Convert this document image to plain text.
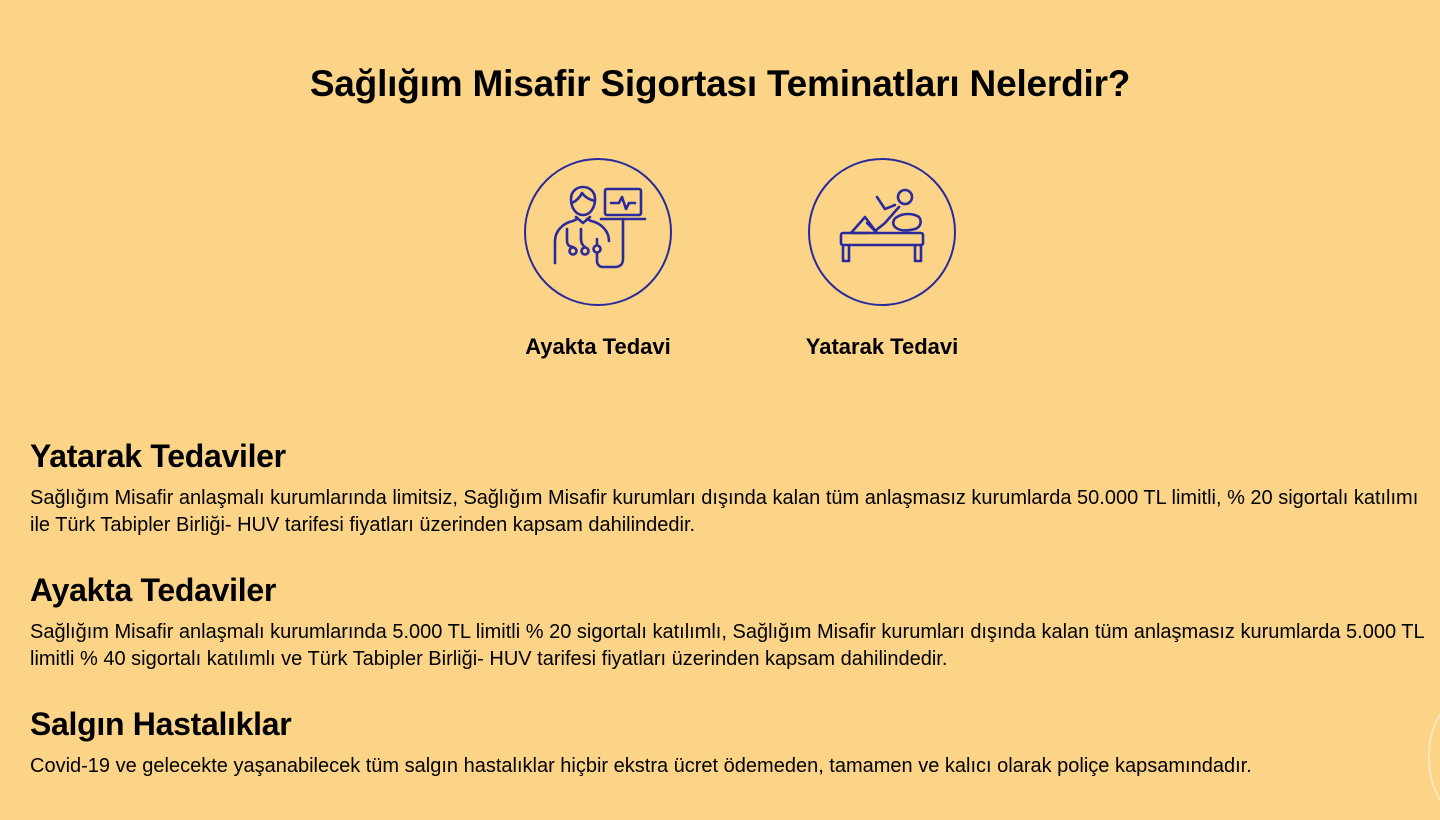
Sağlığım Misafir Sigortası Teminatları Nelerdir?
Ayakta Tedavi	Yatarak Tedavi
Yatarak Tedaviler

Sağlığım Misafir anlaşmalı kurumlarında limitsiz, Sağlığım Misafir kurumları dışında kalan tüm anlaşmasız kurumlarda 50.000 TL limitli, % 20 sigortalı katılımı ile Türk Tabipler Birliği- HUV tarifesi fiyatları üzerinden kapsam dahilindedir.

Ayakta Tedaviler

Sağlığım Misafir anlaşmalı kurumlarında 5.000 TL limitli % 20 sigortalı katılımlı, Sağlığım Misafir kurumları dışında kalan tüm anlaşmasız kurumlarda 5.000 TL limitli % 40 sigortalı katılımlı ve Türk Tabipler Birliği- HUV tarifesi fiyatları üzerinden kapsam dahilindedir.

Salgın Hastalıklar

Covid-19 ve gelecekte yaşanabilecek tüm salgın hastalıklar hiçbir ekstra ücret ödemeden, tamamen ve kalıcı olarak poliçe kapsamındadır.
